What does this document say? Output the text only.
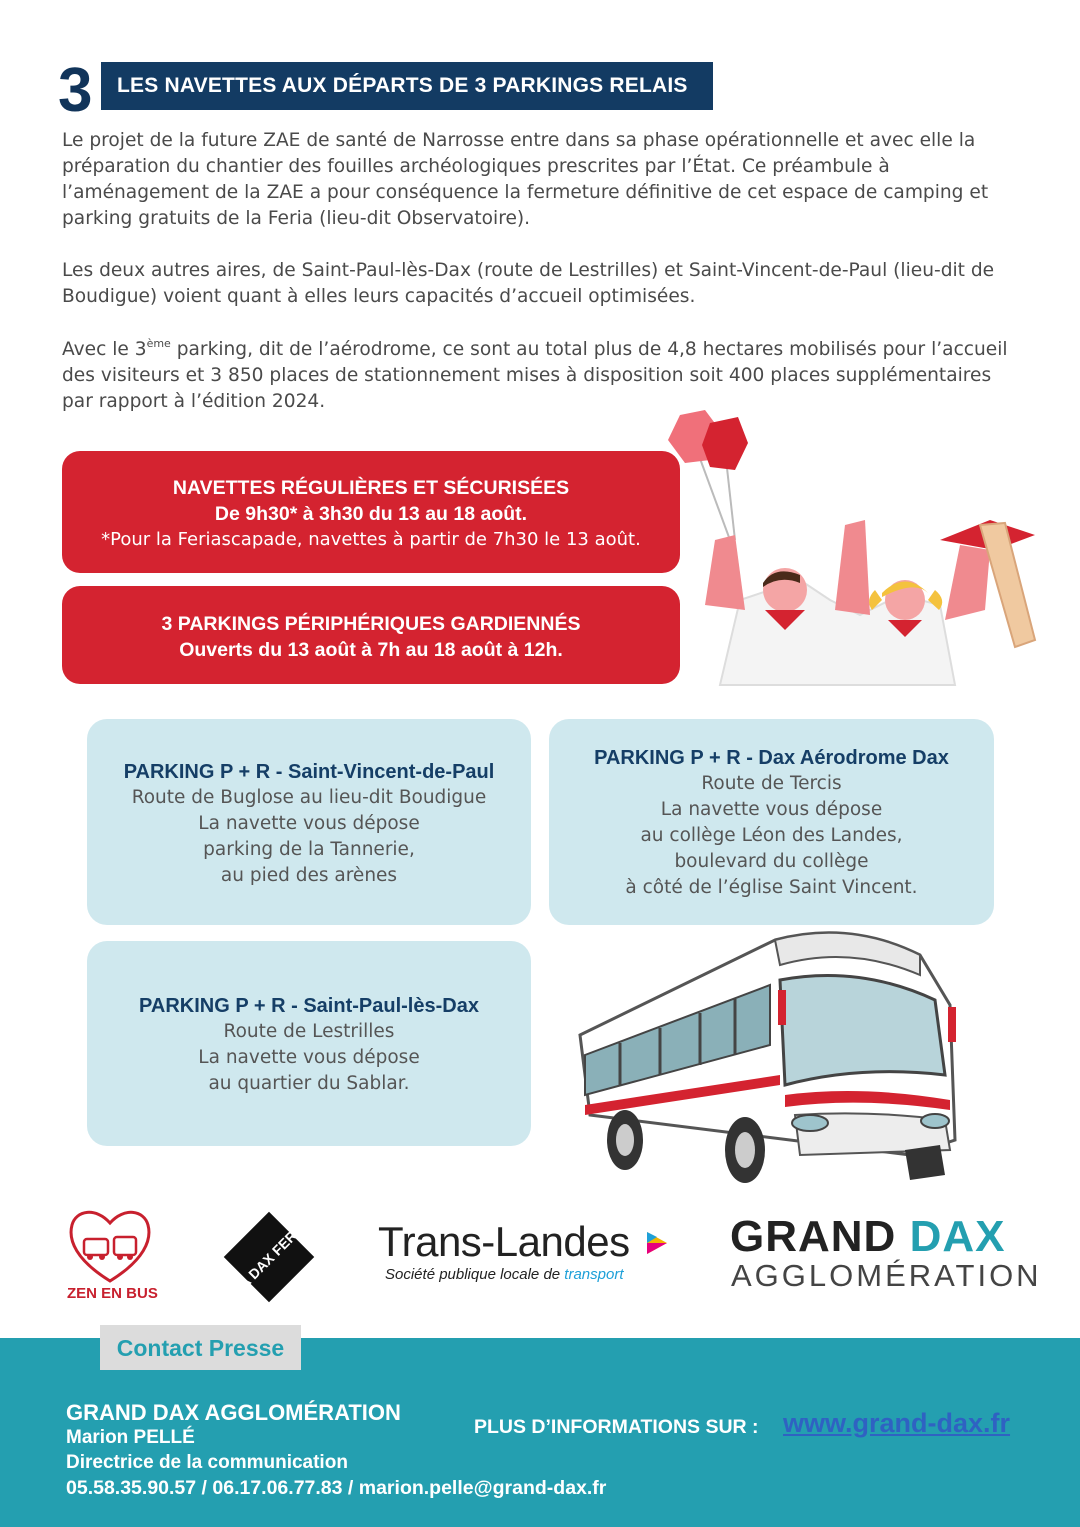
3	LES NAVETTES AUX DÉPARTS DE 3 PARKINGS RELAIS

Le projet de la future ZAE de santé de Narrosse entre dans sa phase opérationnelle et avec elle la préparation du chantier des fouilles archéologiques prescrites par l’État. Ce préambule à l’aménagement de la ZAE a pour conséquence la fermeture définitive de cet espace de camping et parking gratuits de la Feria (lieu-dit Observatoire).

Les deux autres aires, de Saint-Paul-lès-Dax (route de Lestrilles) et Saint-Vincent-de-Paul (lieu-dit de Boudigue) voient quant à elles leurs capacités d’accueil optimisées.

Avec le 3ème parking, dit de l’aérodrome, ce sont au total plus de 4,8 hectares mobilisés pour l’accueil des visiteurs et 3 850 places de stationnement mises à disposition soit 400 places supplémentaires par rapport à l’édition 2024.

NAVETTES RÉGULIÈRES ET SÉCURISÉES
De 9h30* à 3h30 du 13 au 18 août.
*Pour la Feriascapade, navettes à partir de 7h30 le 13 août.
3 PARKINGS PÉRIPHÉRIQUES GARDIENNÉS
Ouverts du 13 août à 7h au 18 août à 12h.
PARKING P + R - Saint-Vincent-de-Paul
Route de Buglose au lieu-dit Boudigue
La navette vous dépose
parking de la Tannerie,
au pied des arènes
PARKING P + R - Dax Aérodrome Dax
Route de Tercis
La navette vous dépose
au collège Léon des Landes,
boulevard du collège
à côté de l’église Saint Vincent.
PARKING P + R - Saint-Paul-lès-Dax
Route de Lestrilles
La navette vous dépose
au quartier du Sablar.
ZEN EN BUS	LA DAX FERIA Trans-Landes
Société publique locale de transport
GRAND DAX
AGGLOMÉRATION
Contact Presse
GRAND DAX AGGLOMÉRATION
Marion PELLÉ
Directrice de la communication
05.58.35.90.57 / 06.17.06.77.83 / marion.pelle@grand-dax.fr
PLUS D’INFORMATIONS SUR : www.grand-dax.fr
